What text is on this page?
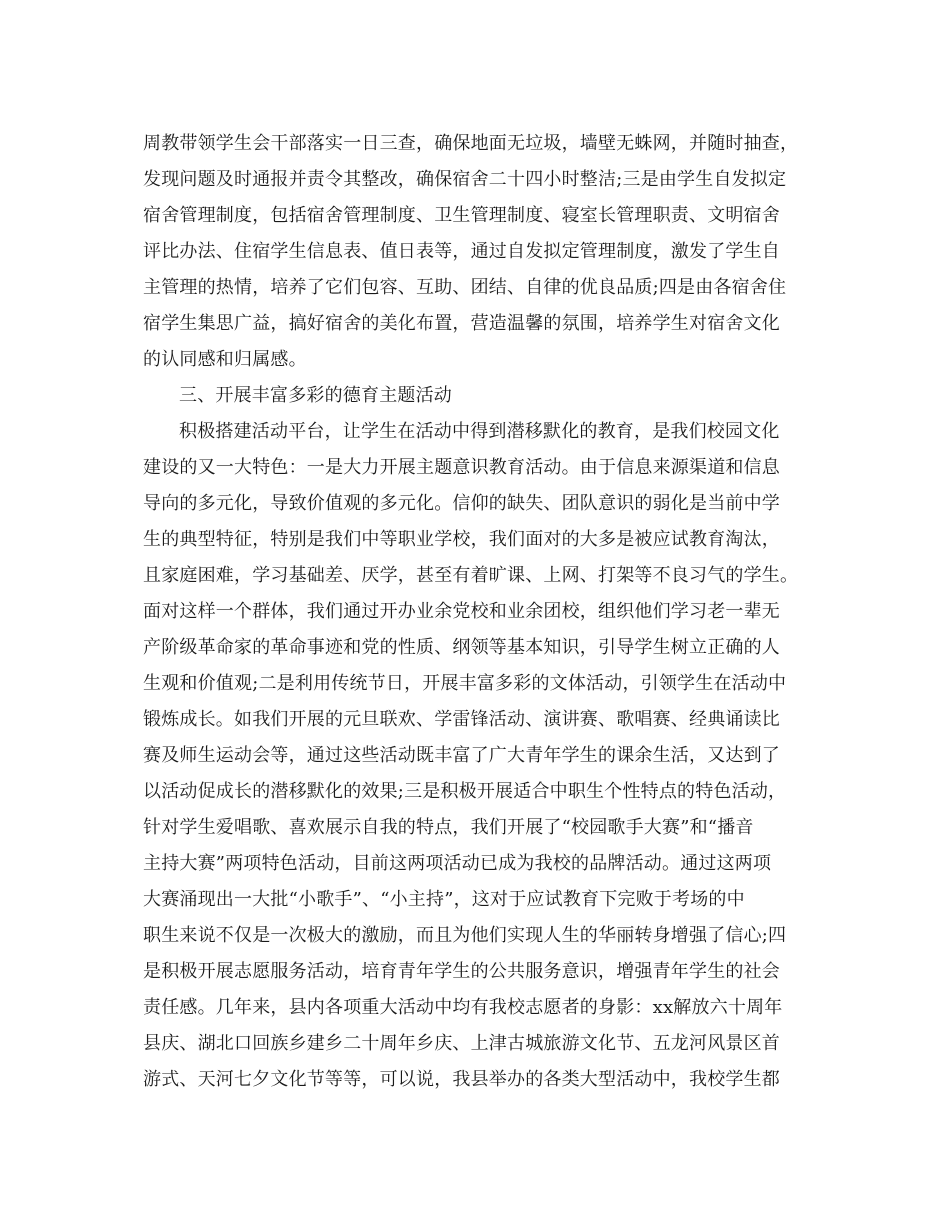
周教带领学生会干部落实一日三查，确保地面无垃圾，墙壁无蛛网，并随时抽查，
发现问题及时通报并责令其整改，确保宿舍二十四小时整洁;三是由学生自发拟定
宿舍管理制度，包括宿舍管理制度、卫生管理制度、寝室长管理职责、文明宿舍
评比办法、住宿学生信息表、值日表等，通过自发拟定管理制度，激发了学生自
主管理的热情，培养了它们包容、互助、团结、自律的优良品质;四是由各宿舍住
宿学生集思广益，搞好宿舍的美化布置，营造温馨的氛围，培养学生对宿舍文化
的认同感和归属感。
三、开展丰富多彩的德育主题活动
积极搭建活动平台，让学生在活动中得到潜移默化的教育，是我们校园文化
建设的又一大特色：一是大力开展主题意识教育活动。由于信息来源渠道和信息
导向的多元化，导致价值观的多元化。信仰的缺失、团队意识的弱化是当前中学
生的典型特征，特别是我们中等职业学校，我们面对的大多是被应试教育淘汰，
且家庭困难，学习基础差、厌学，甚至有着旷课、上网、打架等不良习气的学生。
面对这样一个群体，我们通过开办业余党校和业余团校，组织他们学习老一辈无
产阶级革命家的革命事迹和党的性质、纲领等基本知识，引导学生树立正确的人
生观和价值观;二是利用传统节日，开展丰富多彩的文体活动，引领学生在活动中
锻炼成长。如我们开展的元旦联欢、学雷锋活动、演讲赛、歌唱赛、经典诵读比
赛及师生运动会等，通过这些活动既丰富了广大青年学生的课余生活，又达到了
以活动促成长的潜移默化的效果;三是积极开展适合中职生个性特点的特色活动，
针对学生爱唱歌、喜欢展示自我的特点，我们开展了“校园歌手大赛”和“播音
主持大赛”两项特色活动，目前这两项活动已成为我校的品牌活动。通过这两项
大赛涌现出一大批“小歌手”、“小主持”，这对于应试教育下完败于考场的中
职生来说不仅是一次极大的激励，而且为他们实现人生的华丽转身增强了信心;四
是积极开展志愿服务活动，培育青年学生的公共服务意识，增强青年学生的社会
责任感。几年来，县内各项重大活动中均有我校志愿者的身影：xx解放六十周年
县庆、湖北口回族乡建乡二十周年乡庆、上津古城旅游文化节、五龙河风景区首
游式、天河七夕文化节等等，可以说，我县举办的各类大型活动中，我校学生都
